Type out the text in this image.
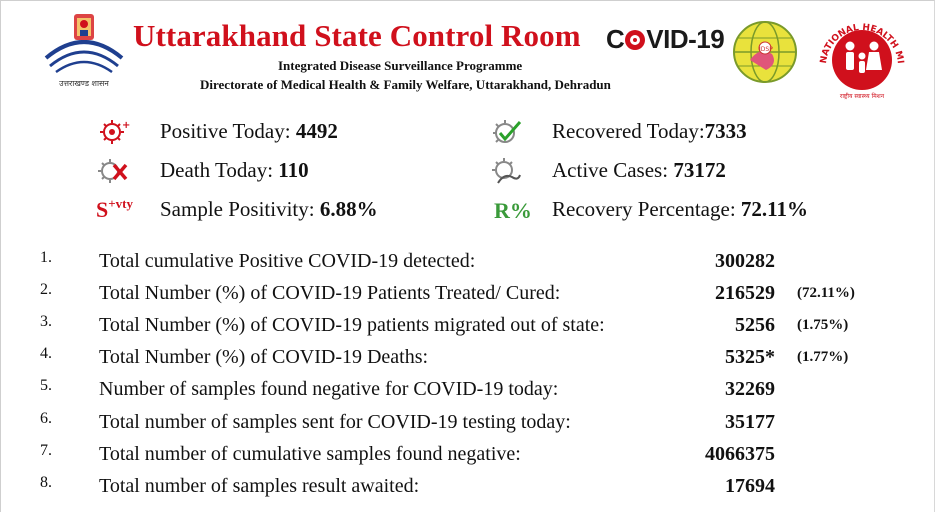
उत्तराखण्ड शासन
Uttarakhand State Control Room
Integrated Disease Surveillance Programme
Directorate of Medical Health & Family Welfare, Uttarakhand, Dehradun
C VID-19	IDSP
NATIONAL HEALTH MI
राष्ट्रीय स्वास्थ्य मिशन
+ Positive Today: 4492	Recovered Today:7333
Death Today: 110	Active Cases: 73172
$S^{+vty}$ Sample Positivity: 6.88%	R% Recovery Percentage: 72.11%
1. Total cumulative Positive COVID-19 detected:	300282
2. Total Number (%) of COVID-19 Patients Treated/ Cured:	216529 (72.11%)
3. Total Number (%) of COVID-19 patients migrated out of state:	5256 (1.75%)
4. Total Number (%) of COVID-19 Deaths:	5325* (1.77%)
5. Number of samples found negative for COVID-19 today:	32269
6. Total number of samples sent for COVID-19 testing today:	35177
7. Total number of cumulative samples found negative:	4066375
8. Total number of samples result awaited:	17694
